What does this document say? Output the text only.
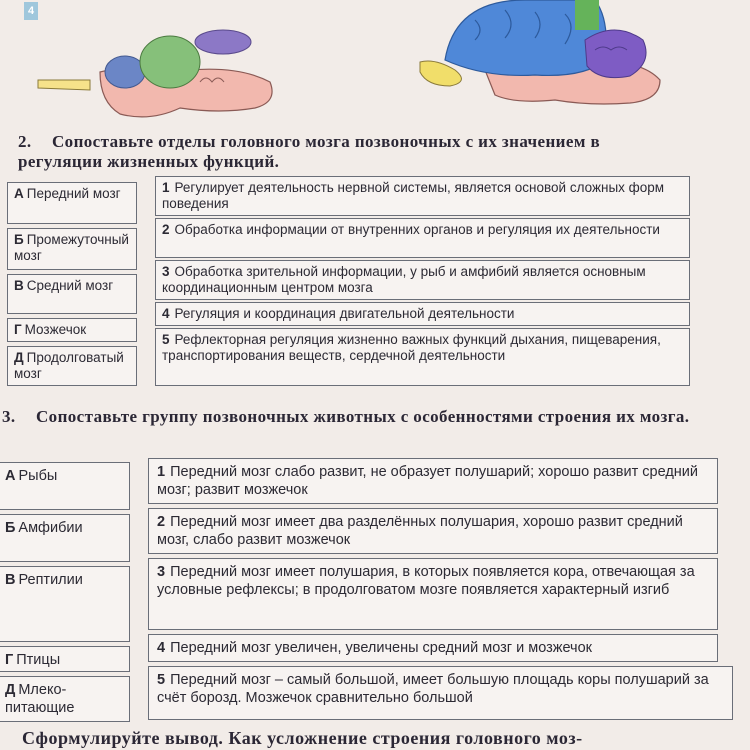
4
2. Сопоставьте отделы головного мозга позвоночных с их значением в регуляции жизненных функций.
А Передний мозг
Б Промежуточный мозг
В Средний мозг
Г Мозжечок
Д Продолговатый мозг
1 Регулирует деятельность нервной системы, является основой сложных форм поведения
2 Обработка информации от внутренних органов и регуляция их деятельности
3 Обработка зрительной информации, у рыб и амфибий является основным координационным центром мозга
4 Регуляция и координация двигательной деятельности
5 Рефлекторная регуляция жизненно важных функций дыхания, пищеварения, транспортирования веществ, сердечной деятельности
3. Сопоставьте группу позвоночных животных с особенностями строения их мозга.
А Рыбы
Б Амфибии
В Рептилии
Г Птицы
Д Млекопитающие
1 Передний мозг слабо развит, не образует полушарий; хорошо развит средний мозг; развит мозжечок
2 Передний мозг имеет два разделённых полушария, хорошо развит средний мозг, слабо развит мозжечок
3 Передний мозг имеет полушария, в которых появляется кора, отвечающая за условные рефлексы; в продолговатом мозге появляется характерный изгиб
4 Передний мозг увеличен, увеличены средний мозг и мозжечок
5 Передний мозг – самый большой, имеет большую площадь коры полушарий за счёт борозд. Мозжечок сравнительно большой
Сформулируйте вывод. Как усложнение строения головного моз-
